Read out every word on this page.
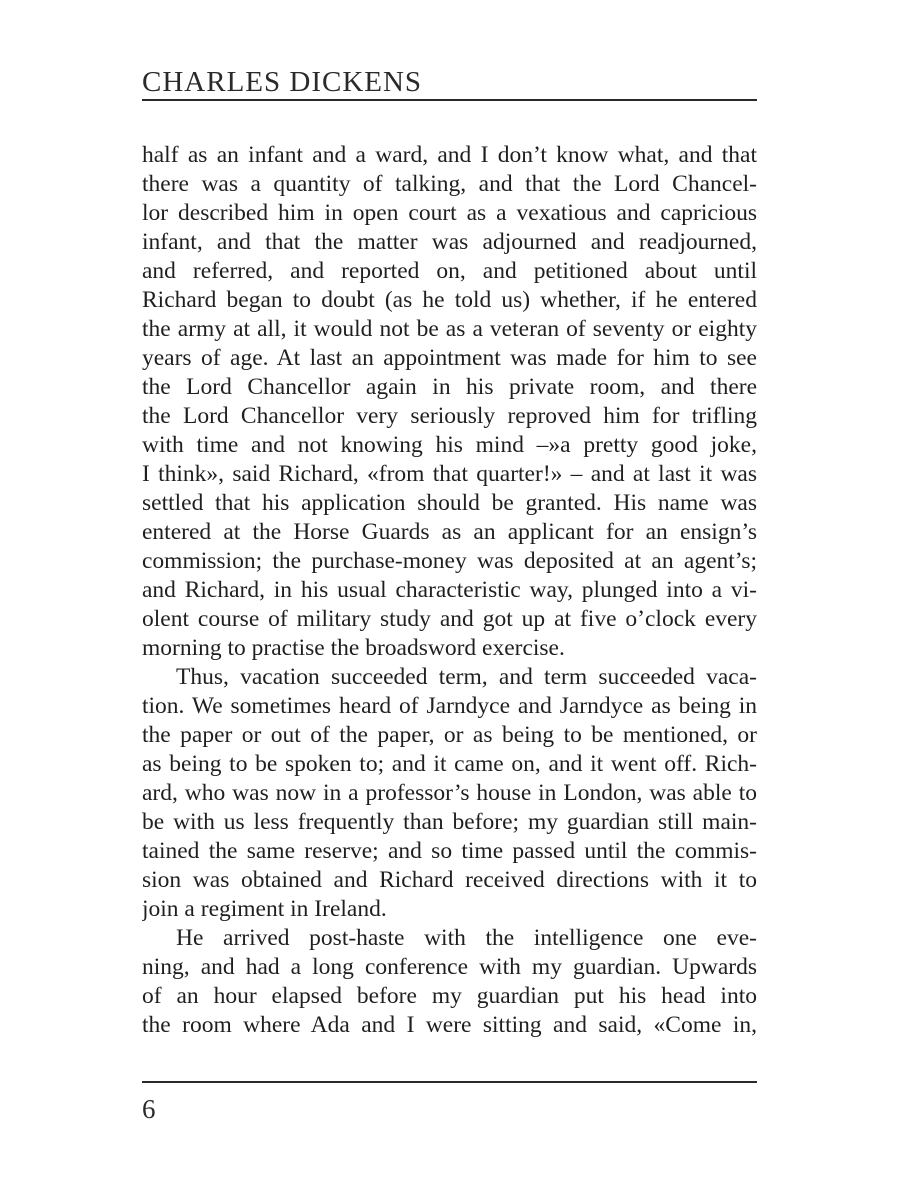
CHARLES DICKENS
half as an infant and a ward, and I don’t know what, and that
there was a quantity of talking, and that the Lord Chancel-
lor described him in open court as a vexatious and capricious
infant, and that the matter was adjourned and readjourned,
and referred, and reported on, and petitioned about until
Richard began to doubt (as he told us) whether, if he entered
the army at all, it would not be as a veteran of seventy or eighty
years of age. At last an appointment was made for him to see
the Lord Chancellor again in his private room, and there
the Lord Chancellor very seriously reproved him for trifling
with time and not knowing his mind –»a pretty good joke,
I think», said Richard, «from that quarter!» – and at last it was
settled that his application should be granted. His name was
entered at the Horse Guards as an applicant for an ensign’s
commission; the purchase-money was deposited at an agent’s;
and Richard, in his usual characteristic way, plunged into a vi-
olent course of military study and got up at five o’clock every
morning to practise the broadsword exercise.
Thus, vacation succeeded term, and term succeeded vaca-
tion. We sometimes heard of Jarndyce and Jarndyce as being in
the paper or out of the paper, or as being to be mentioned, or
as being to be spoken to; and it came on, and it went off. Rich-
ard, who was now in a professor’s house in London, was able to
be with us less frequently than before; my guardian still main-
tained the same reserve; and so time passed until the commis-
sion was obtained and Richard received directions with it to
join a regiment in Ireland.
He arrived post-haste with the intelligence one eve-
ning, and had a long conference with my guardian. Upwards
of an hour elapsed before my guardian put his head into
the room where Ada and I were sitting and said, «Come in,
6
